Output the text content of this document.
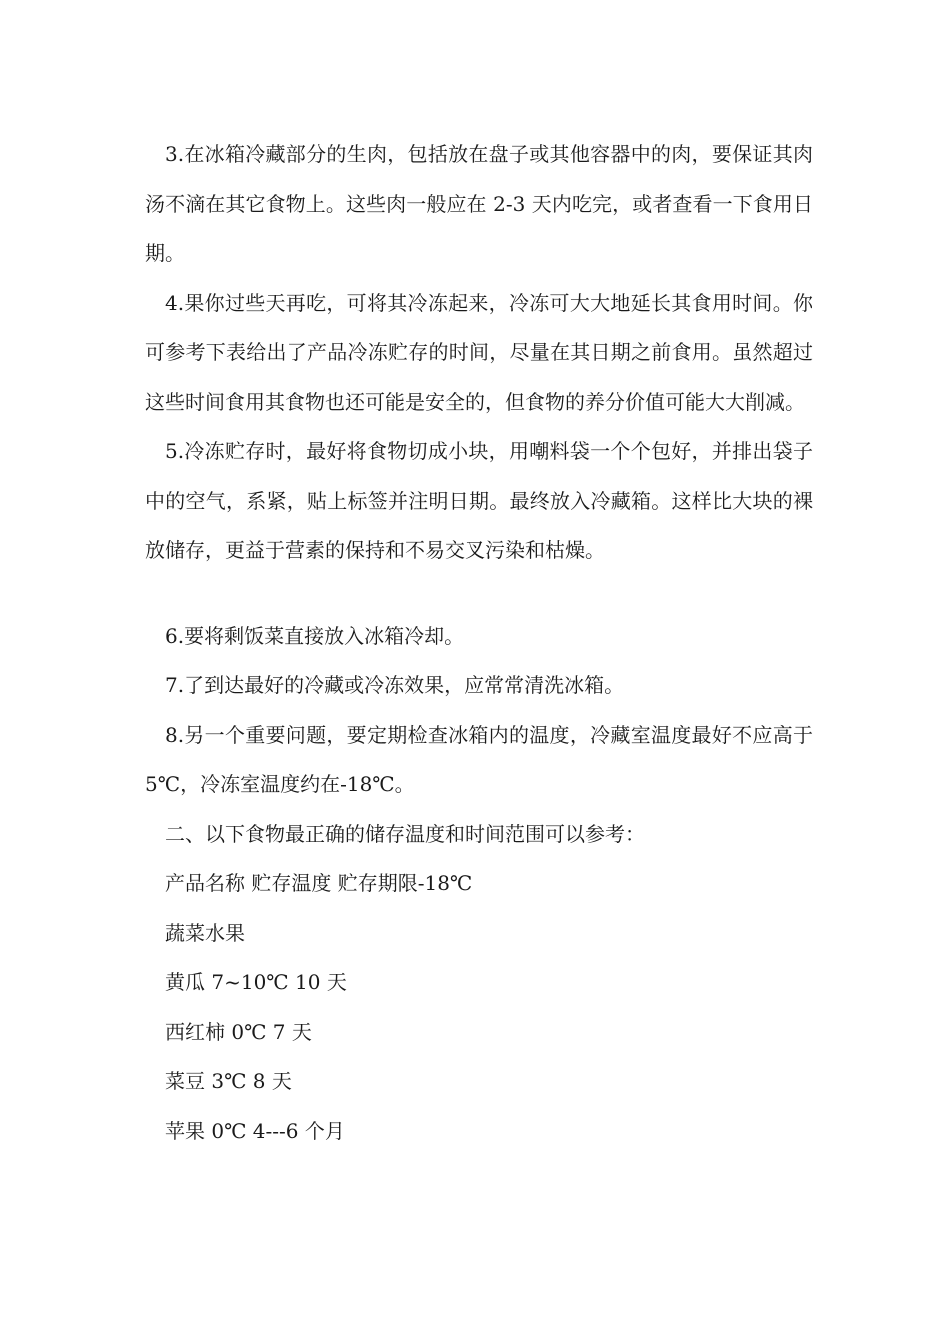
3.在冰箱冷藏部分的生肉，包括放在盘子或其他容器中的肉，要保证其肉汤不滴在其它食物上。这些肉一般应在 2-3 天内吃完，或者查看一下食用日期。

4.果你过些天再吃，可将其冷冻起来，冷冻可大大地延长其食用时间。你可参考下表给出了产品冷冻贮存的时间，尽量在其日期之前食用。虽然超过这些时间食用其食物也还可能是安全的，但食物的养分价值可能大大削减。

5.冷冻贮存时，最好将食物切成小块，用嘲料袋一个个包好，并排出袋子中的空气，系紧，贴上标签并注明日期。最终放入冷藏箱。这样比大块的裸放储存，更益于营素的保持和不易交叉污染和枯燥。

6.要将剩饭菜直接放入冰箱冷却。

7.了到达最好的冷藏或冷冻效果，应常常清洗冰箱。

8.另一个重要问题，要定期检查冰箱内的温度，冷藏室温度最好不应高于 5℃，冷冻室温度约在-18℃。

二、以下食物最正确的储存温度和时间范围可以参考：

产品名称 贮存温度 贮存期限-18℃

蔬菜水果

黄瓜 7~10℃ 10 天

西红柿 0℃ 7 天

菜豆 3℃ 8 天

苹果 0℃ 4---6 个月
